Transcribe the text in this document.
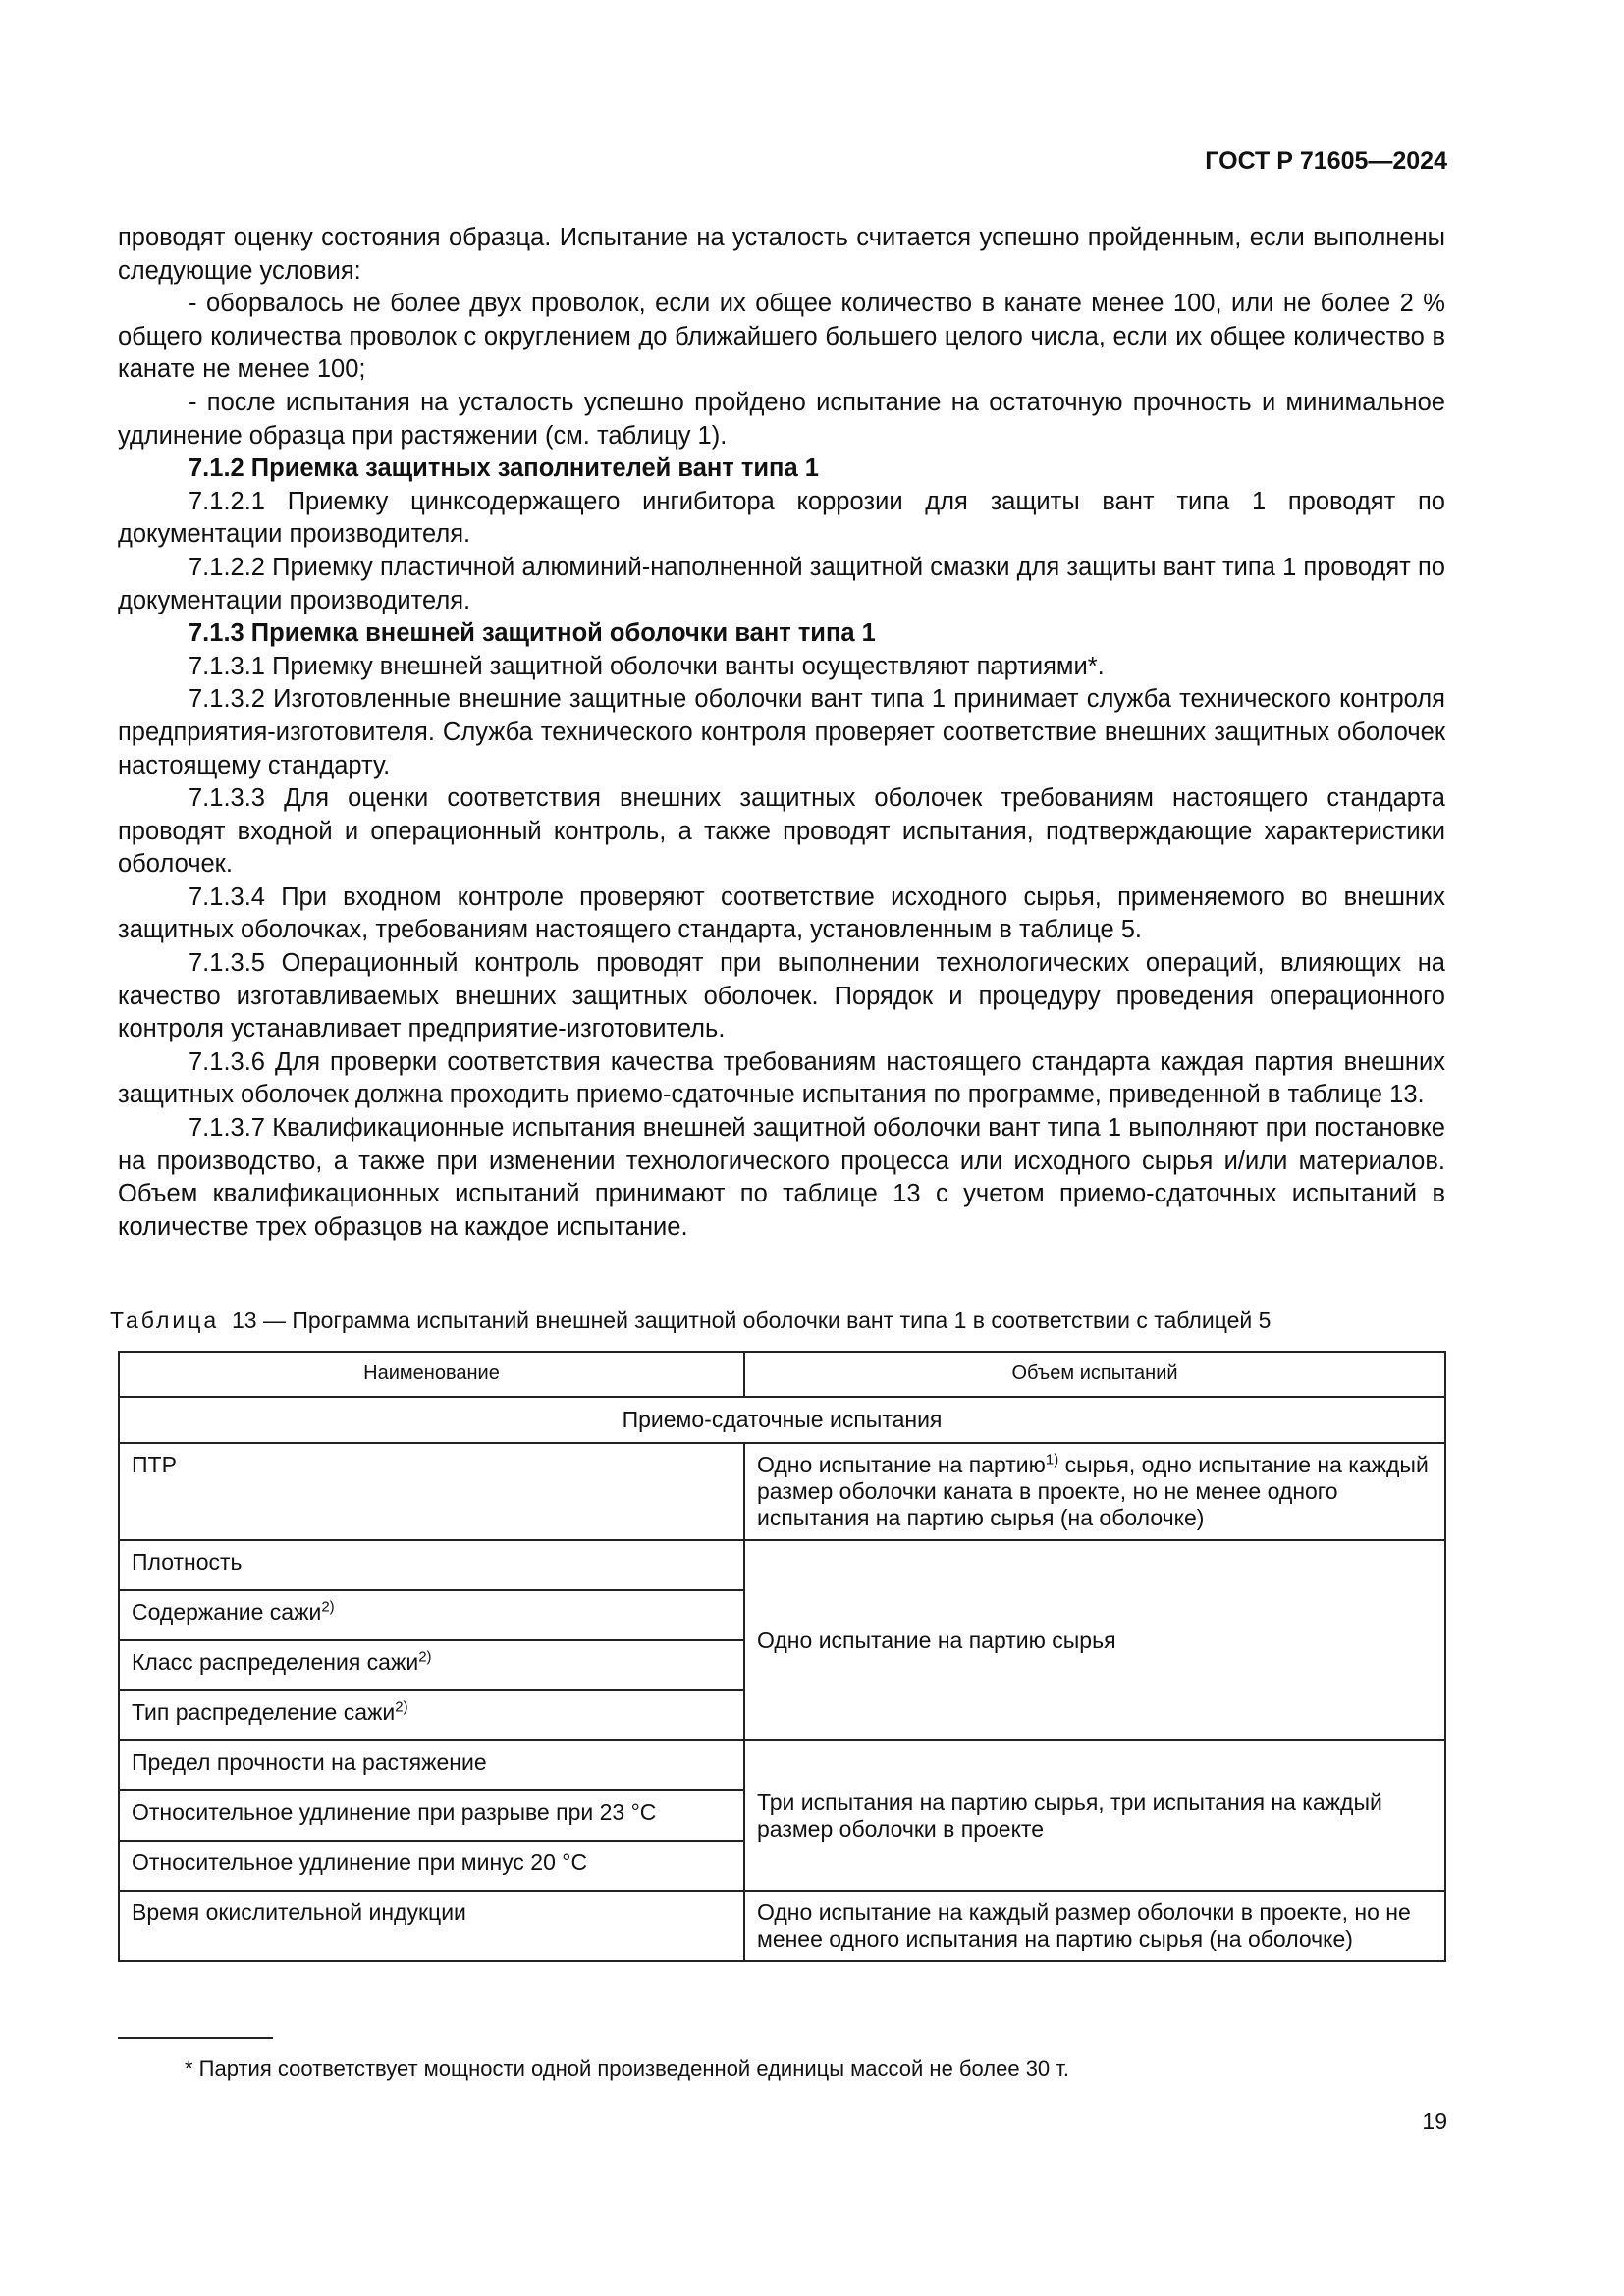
ГОСТ Р 71605—2024

проводят оценку состояния образца. Испытание на усталость считается успешно пройденным, если выполнены следующие условия:

- оборвалось не более двух проволок, если их общее количество в канате менее 100, или не более 2 % общего количества проволок с округлением до ближайшего большего целого числа, если их общее количество в канате не менее 100;

- после испытания на усталость успешно пройдено испытание на остаточную прочность и минимальное удлинение образца при растяжении (см. таблицу 1).

7.1.2 Приемка защитных заполнителей вант типа 1

7.1.2.1 Приемку цинксодержащего ингибитора коррозии для защиты вант типа 1 проводят по документации производителя.

7.1.2.2 Приемку пластичной алюминий-наполненной защитной смазки для защиты вант типа 1 проводят по документации производителя.

7.1.3 Приемка внешней защитной оболочки вант типа 1

7.1.3.1 Приемку внешней защитной оболочки ванты осуществляют партиями*.

7.1.3.2 Изготовленные внешние защитные оболочки вант типа 1 принимает служба технического контроля предприятия-изготовителя. Служба технического контроля проверяет соответствие внешних защитных оболочек настоящему стандарту.

7.1.3.3 Для оценки соответствия внешних защитных оболочек требованиям настоящего стандарта проводят входной и операционный контроль, а также проводят испытания, подтверждающие характеристики оболочек.

7.1.3.4 При входном контроле проверяют соответствие исходного сырья, применяемого во внешних защитных оболочках, требованиям настоящего стандарта, установленным в таблице 5.

7.1.3.5 Операционный контроль проводят при выполнении технологических операций, влияющих на качество изготавливаемых внешних защитных оболочек. Порядок и процедуру проведения операционного контроля устанавливает предприятие-изготовитель.

7.1.3.6 Для проверки соответствия качества требованиям настоящего стандарта каждая партия внешних защитных оболочек должна проходить приемо-сдаточные испытания по программе, приведенной в таблице 13.

7.1.3.7 Квалификационные испытания внешней защитной оболочки вант типа 1 выполняют при постановке на производство, а также при изменении технологического процесса или исходного сырья и/или материалов. Объем квалификационных испытаний принимают по таблице 13 с учетом приемо-сдаточных испытаний в количестве трех образцов на каждое испытание.

Таблица 13 — Программа испытаний внешней защитной оболочки вант типа 1 в соответствии с таблицей 5
Наименование	Объем испытаний
Приемо-сдаточные испытания	
ПТР	Одно испытание на партию$^{1)}$ сырья, одно испытание на каждый размер оболочки каната в проекте, но не менее одного испытания на партию сырья (на оболочке)
Плотность	Одно испытание на партию сырья
Содержание сажи$^{2)}$
Класс распределения сажи$^{2)}$
Тип распределение сажи$^{2)}$
Предел прочности на растяжение	Три испытания на партию сырья, три испытания на каждый размер оболочки в проекте
Относительное удлинение при разрыве при 23 °C	
Относительное удлинение при минус 20 °C	
Время окислительной индукции	Одно испытание на каждый размер оболочки в проекте, но не менее одного испытания на партию сырья (на оболочке)
* Партия соответствует мощности одной произведенной единицы массой не более 30 т.
19
